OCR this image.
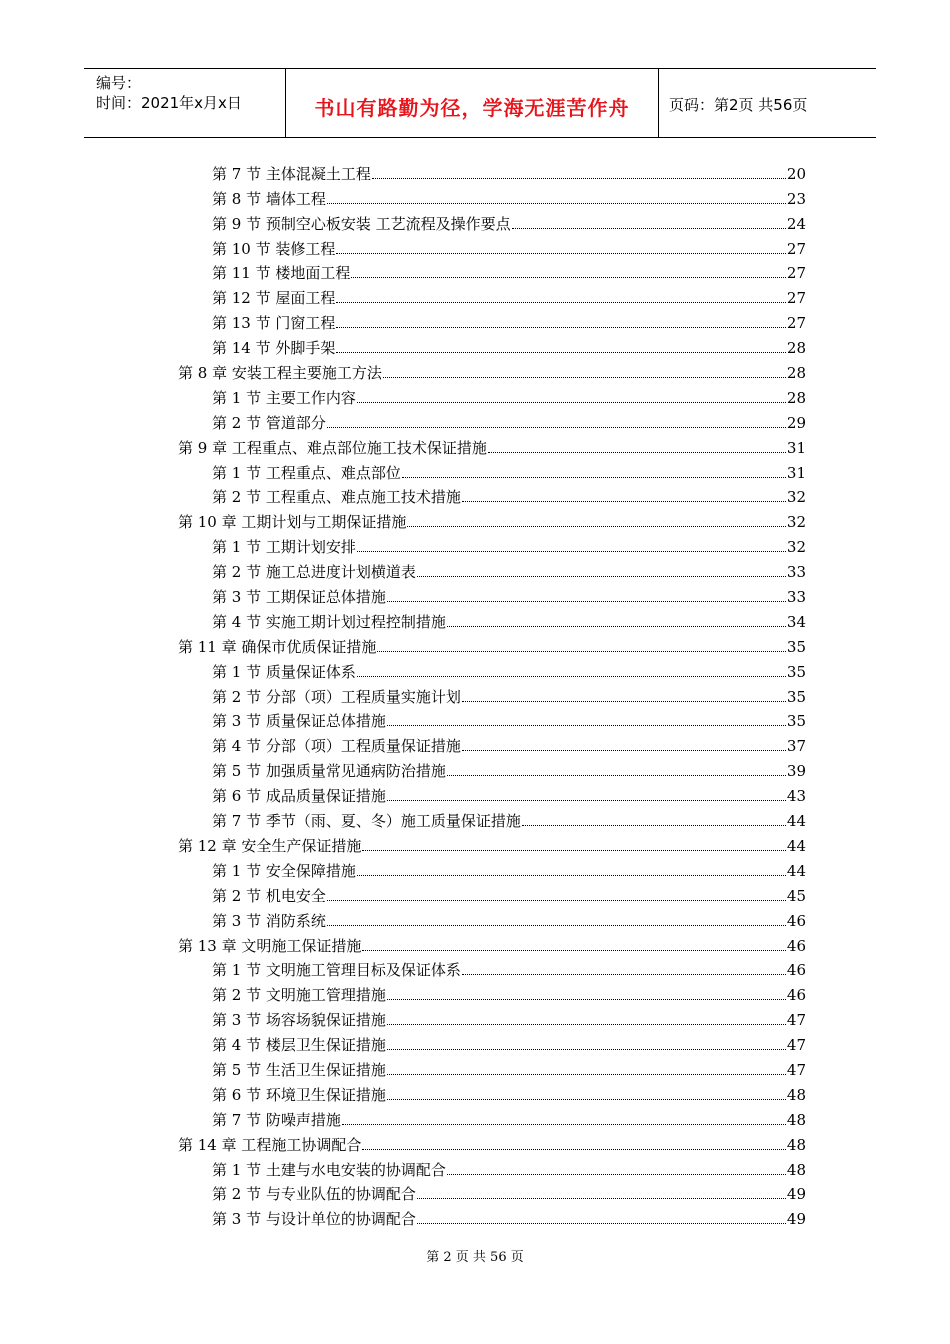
编号：
时间：2021年x月x日	书山有路勤为径，学海无涯苦作舟	页码：第2页 共56页
第 7 节 主体混凝土工程	20
第 8 节 墙体工程	23
第 9 节 预制空心板安装 工艺流程及操作要点	24
第 10 节 装修工程	27
第 11 节 楼地面工程	27
第 12 节 屋面工程	27
第 13 节 门窗工程	27
第 14 节 外脚手架	28
第 8 章 安装工程主要施工方法	28
第 1 节 主要工作内容	28
第 2 节 管道部分	29
第 9 章 工程重点、难点部位施工技术保证措施	31
第 1 节 工程重点、难点部位	31
第 2 节 工程重点、难点施工技术措施	32
第 10 章 工期计划与工期保证措施	32
第 1 节 工期计划安排	32
第 2 节 施工总进度计划横道表	33
第 3 节 工期保证总体措施	33
第 4 节 实施工期计划过程控制措施	34
第 11 章 确保市优质保证措施	35
第 1 节 质量保证体系	35
第 2 节 分部（项）工程质量实施计划	35
第 3 节 质量保证总体措施	35
第 4 节 分部（项）工程质量保证措施	37
第 5 节 加强质量常见通病防治措施	39
第 6 节 成品质量保证措施	43
第 7 节 季节（雨、夏、冬）施工质量保证措施	44
第 12 章 安全生产保证措施	44
第 1 节 安全保障措施	44
第 2 节 机电安全	45
第 3 节 消防系统	46
第 13 章 文明施工保证措施	46
第 1 节 文明施工管理目标及保证体系	46
第 2 节 文明施工管理措施	46
第 3 节 场容场貌保证措施	47
第 4 节 楼层卫生保证措施	47
第 5 节 生活卫生保证措施	47
第 6 节 环境卫生保证措施	48
第 7 节 防噪声措施	48
第 14 章 工程施工协调配合	48
第 1 节 土建与水电安装的协调配合	48
第 2 节 与专业队伍的协调配合	49
第 3 节 与设计单位的协调配合	49
第 2 页 共 56 页
